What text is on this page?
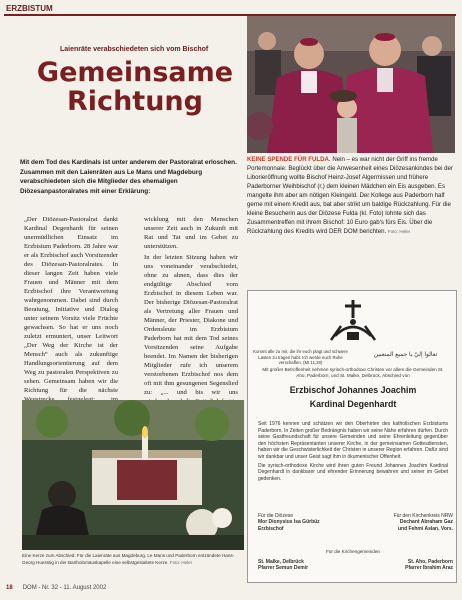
ERZBISTUM
Laienräte verabschiedeten sich vom Bischof
Gemeinsame
Richtung
KEINE SPENDE FÜR FULDA. Nein – es war nicht der Griff ins fremde Portemonnaie: Beglückt über die Anwesenheit eines Diözesankindes bei der Liborieröffnung wollte Bischof Heinz-Josef Algermissen und frühere Paderborner Weihbischof (r.) dem kleinen Mädchen ein Eis ausgeben. Es mangelte ihm aber am nötigen Kleingeld. Der Kollege aus Paderborn half gerne mit einem Kredit aus, bat aber strikt um baldige Rückzahlung. Für die kleine Besucherin aus der Diözese Fulda (kl. Foto) lohnte sich das Zusammentreffen mit ihrem Bischof: 10 Euro gab's fürs Eis. Über die Rückzahlung des Kredits wird DER DOM berichten. Foto: Heler
Mit dem Tod des Kardinals ist unter anderem der Pastoralrat erloschen. Zusammen mit den Laienräten aus Le Mans und Magdeburg verabschiedeten sich die Mitglieder des ehemaligen Diözesanpastoralrates mit einer Erklärung:

„Der Diözesan-Pastoralrat dankt Kardinal Degenhardt für seinen unermüdlichen Einsatz im Erzbistum Paderborn. 28 Jahre war er als Erzbischof auch Vorsitzender des Diözesan-Pastoralrates. In dieser langen Zeit haben viele Frauen und Männer mit dem Erzbischof ihre Verantwortung wahrgenommen. Dabei sind durch Beratung, Initiative und Dialog unter seinem Vorsitz viele Früchte gewachsen. So hat er uns noch zuletzt ermuntert, unser Leitwort „Der Weg der Kirche ist der Mensch“ auch als zukunftige Handlungsorientierung auf dem Weg zu pastoralen Perspektiven zu sehen. Gemeinsam haben wir die Richtung für die nächste

wicklung mit den Menschen unserer Zeit auch in Zukunft mit Rat und Tat und im Gebet zu unterstützen.

In der letzten Sitzung haben wir uns voneinander verabschiedet, ohne zu ahnen, dass dies der endgültige Abschied vom Erzbischof in diesem Leben war. Der bisherige Diözesan-Pastoralrat als Vertretung aller Frauen und Männer, der Priester, Diakone und Ordensleute im Erzbistum Paderborn hat mit dem Tod seines Vorsitzenden seine Aufgabe beendet. Im Namen der bisherigen Mitglieder rufe ich unserem verstorbenen Erzbischof nos dem oft mit ihm gesungenen Segenslied zu: „... und bis wir uns

Eine Kerze zum Abschied: Für die Laienräte aus Magdeburg, Le Mans und Paderborn entzündete Hans-Georg Huesstig in der Bartholomäuskapelle eine selbstgestaltete Kerze. Foto: Heler
Kommt alle zu mir, die ihr euch plagt und schwere Lasten zu tragen habt. Ich werde euch Ruhe verschaffen. (Mt 11,28)
تعالوا إليّ يا جميع المتعبين
Mit großer Betroffenheit nehmen syrisch-orthodoxe Christen vor allem die Gemeinden St. Aho, Paderborn, und St. Malke, Delbrück, Abschied von
Erzbischof Johannes Joachim
Kardinal Degenhardt

Seit 1976 kennen und schätzen wir den Oberhirten des katholischen Erzbistums Paderborn. In Zeiten großer Bedrängnis haben wir seine Nähe erfahren dürfen. Durch seine Gastfreundschaft für unsere Gemeinden und seine Ehrenleitung gegenüber den höchsten Repräsentanten unserer Kirche, in der gemeinsamen Gottesdiensten, haben wir die Geschwisterlichkeit der Christen in unserer Region erfahren. Dafür sind wir dankbar und unser Geist sagt ihm in ökumenischer Offenheit.

Die syrisch-orthodoxe Kirche wird ihren guten Freund Johannes Joachim Kardinal Degenhardt in dankbarer und ehrender Erinnerung bewahren und seiner im Gebet gedenken.

Für die Diözese
Mor Dionysius Isa Gürbüz
Erzbischof
Für den Kirchenkreis NRW
Dechant Abraham Gaz
und Fehmi Aslan, Vors.
Für die Kirchengemeinden
St. Malke, Delbrück
Pfarrer Semun Demir
St. Aho, Paderborn
Pfarrer Ibrahim Araz
18 DOM - Nr. 32 - 11. August 2002
